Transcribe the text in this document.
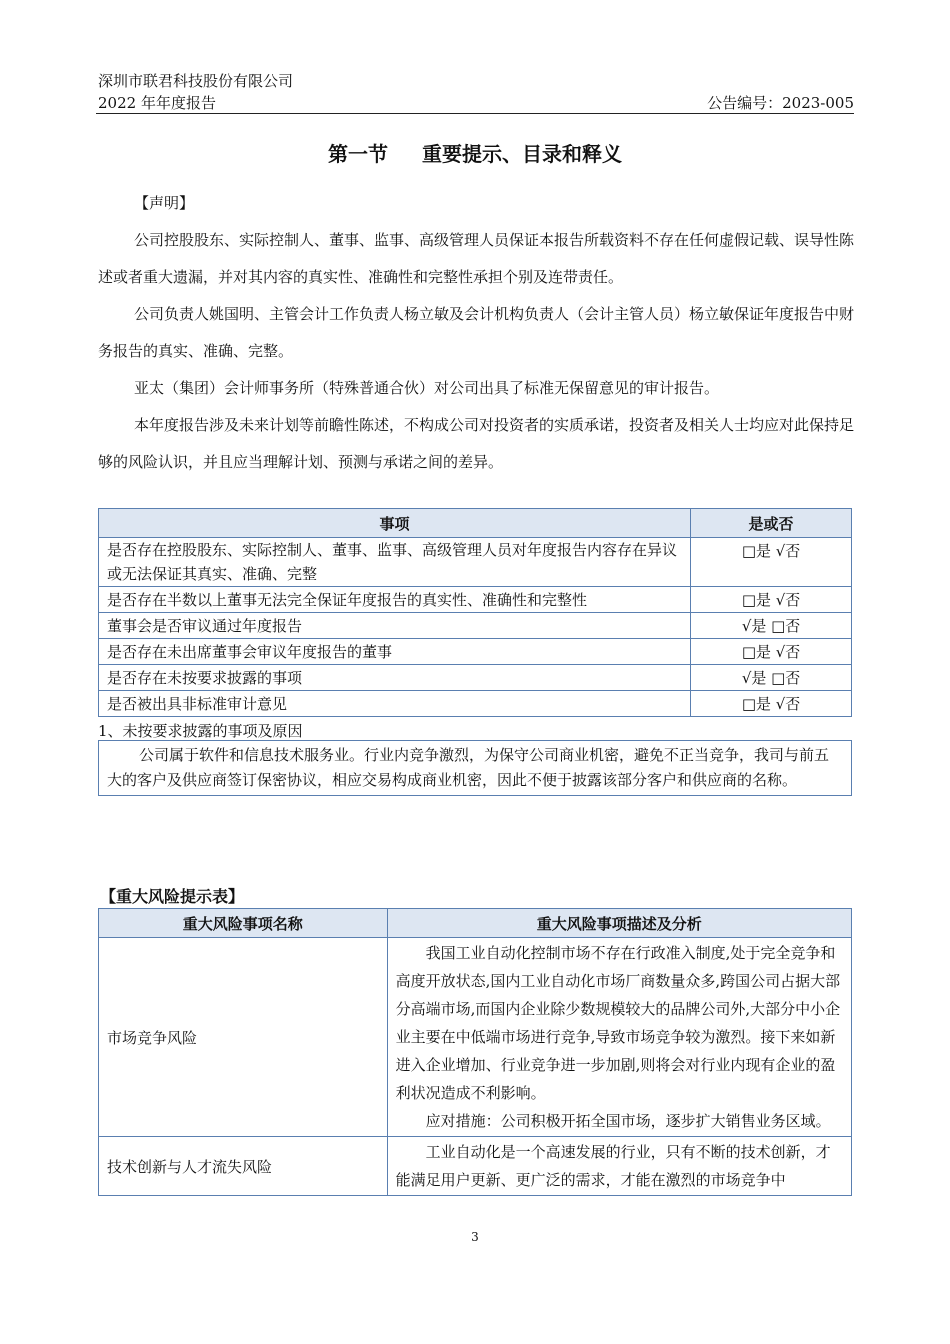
深圳市联君科技股份有限公司
2022 年年度报告	公告编号：2023-005
第一节 重要提示、目录和释义
【声明】
公司控股股东、实际控制人、董事、监事、高级管理人员保证本报告所载资料不存在任何虚假记载、误导性陈述或者重大遗漏，并对其内容的真实性、准确性和完整性承担个别及连带责任。
公司负责人姚国明、主管会计工作负责人杨立敏及会计机构负责人（会计主管人员）杨立敏保证年度报告中财务报告的真实、准确、完整。
亚太（集团）会计师事务所（特殊普通合伙）对公司出具了标准无保留意见的审计报告。
本年度报告涉及未来计划等前瞻性陈述，不构成公司对投资者的实质承诺，投资者及相关人士均应对此保持足够的风险认识，并且应当理解计划、预测与承诺之间的差异。
事项	是或否
是否存在控股股东、实际控制人、董事、监事、高级管理人员对年度报告内容存在异议或无法保证其真实、准确、完整	□是 √否
是否存在半数以上董事无法完全保证年度报告的真实性、准确性和完整性	□是 √否
董事会是否审议通过年度报告	√是 □否
是否存在未出席董事会审议年度报告的董事	□是 √否
是否存在未按要求披露的事项	√是 □否
是否被出具非标准审计意见	□是 √否
1、未按要求披露的事项及原因
公司属于软件和信息技术服务业。行业内竞争激烈，为保守公司商业机密，避免不正当竞争，我司与前五大的客户及供应商签订保密协议，相应交易构成商业机密，因此不便于披露该部分客户和供应商的名称。
【重大风险提示表】
重大风险事项名称	重大风险事项描述及分析
市场竞争风险	我国工业自动化控制市场不存在行政准入制度,处于完全竞争和高度开放状态,国内工业自动化市场厂商数量众多,跨国公司占据大部分高端市场,而国内企业除少数规模较大的品牌公司外,大部分中小企业主要在中低端市场进行竞争,导致市场竞争较为激烈。接下来如新进入企业增加、行业竞争进一步加剧,则将会对行业内现有企业的盈利状况造成不利影响。

应对措施：公司积极开拓全国市场，逐步扩大销售业务区域。

技术创新与人才流失风险	工业自动化是一个高速发展的行业，只有不断的技术创新，才能满足用户更新、更广泛的需求，才能在激烈的市场竞争中

3
